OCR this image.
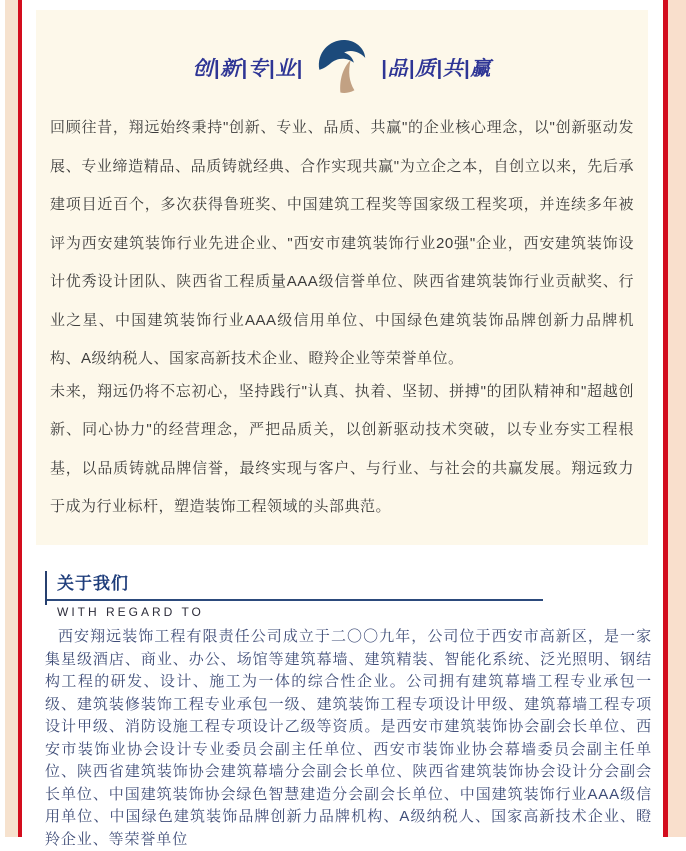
创|新|专|业|	|品|质|共|赢

回顾往昔，翔远始终秉持"创新、专业、品质、共赢"的企业核心理念，以"创新驱动发展、专业缔造精品、品质铸就经典、合作实现共赢"为立企之本，自创立以来，先后承建项目近百个，多次获得鲁班奖、中国建筑工程奖等国家级工程奖项，并连续多年被评为西安建筑装饰行业先进企业、"西安市建筑装饰行业20强"企业，西安建筑装饰设计优秀设计团队、陕西省工程质量AAA级信誉单位、陕西省建筑装饰行业贡献奖、行业之星、中国建筑装饰行业AAA级信用单位、中国绿色建筑装饰品牌创新力品牌机构、A级纳税人、国家高新技术企业、瞪羚企业等荣誉单位。

未来，翔远仍将不忘初心，坚持践行"认真、执着、坚韧、拼搏"的团队精神和"超越创新、同心协力"的经营理念，严把品质关，以创新驱动技术突破，以专业夯实工程根基，以品质铸就品牌信誉，最终实现与客户、与行业、与社会的共赢发展。翔远致力于成为行业标杆，塑造装饰工程领域的头部典范。

关于我们
WITH REGARD TO
西安翔远装饰工程有限责任公司成立于二〇〇九年，公司位于西安市高新区，是一家集星级酒店、商业、办公、场馆等建筑幕墙、建筑精装、智能化系统、泛光照明、钢结构工程的研发、设计、施工为一体的综合性企业。公司拥有建筑幕墙工程专业承包一级、建筑装修装饰工程专业承包一级、建筑装饰工程专项设计甲级、建筑幕墙工程专项设计甲级、消防设施工程专项设计乙级等资质。是西安市建筑装饰协会副会长单位、西安市装饰业协会设计专业委员会副主任单位、西安市装饰业协会幕墙委员会副主任单位、陕西省建筑装饰协会建筑幕墙分会副会长单位、陕西省建筑装饰协会设计分会副会长单位、中国建筑装饰协会绿色智慧建造分会副会长单位、中国建筑装饰行业AAA级信用单位、中国绿色建筑装饰品牌创新力品牌机构、A级纳税人、国家高新技术企业、瞪羚企业、等荣誉单位
